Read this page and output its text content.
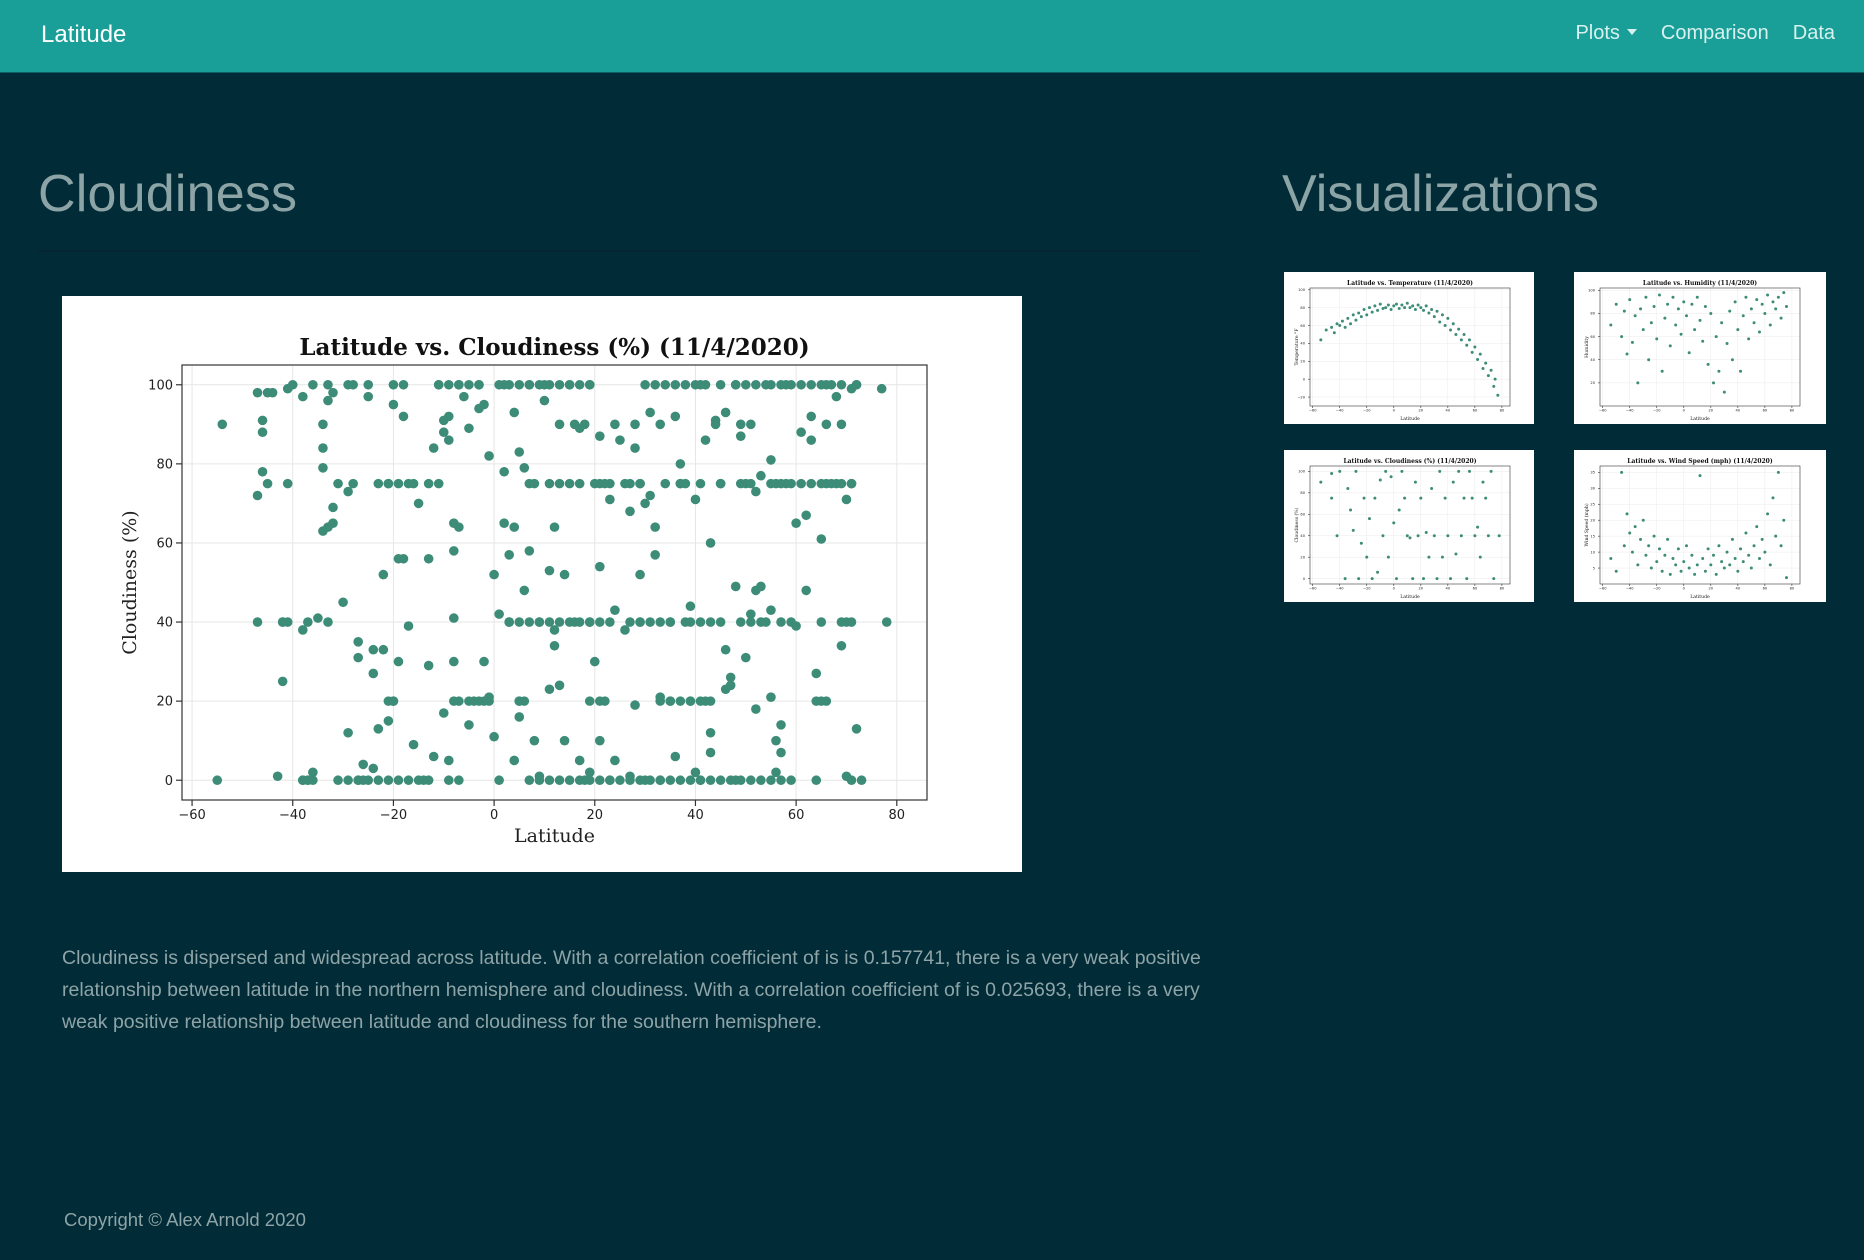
Latitude	Plots	Comparison Data
Cloudiness	Visualizations
−60	−40	−20	0	20	40	60	80
0
20
40
60
80
100
Latitude vs. Cloudiness (%) (11/4/2020)
Latitude
Cloudiness (%)

Cloudiness is dispersed and widespread across latitude. With a correlation coefficient of is is 0.157741, there is a very weak positive relationship between latitude in the northern hemisphere and cloudiness. With a correlation coefficient of is 0.025693, there is a very weak positive relationship between latitude and cloudiness for the southern hemisphere.

−60	−40	−20	0	20	40	60	80
−20
0
20
40
60
80
100
Latitude vs. Temperature (11/4/2020)
Latitude
Temperature °F
−60	−40	−20	0	20	40	60	80
20
40
60
80
100
Latitude vs. Humidity (11/4/2020)
Latitude
Humidity
−60	−40	−20	0	20	40	60	80
0
20
40
60
80
100
Latitude vs. Cloudiness (%) (11/4/2020)
Latitude
Cloudiness (%)
−60	−40	−20	0	20	40	60	80
5
10
15
20
25
30
35
Latitude vs. Wind Speed (mph) (11/4/2020)
Latitude
Wind Speed (mph)
Copyright © Alex Arnold 2020
